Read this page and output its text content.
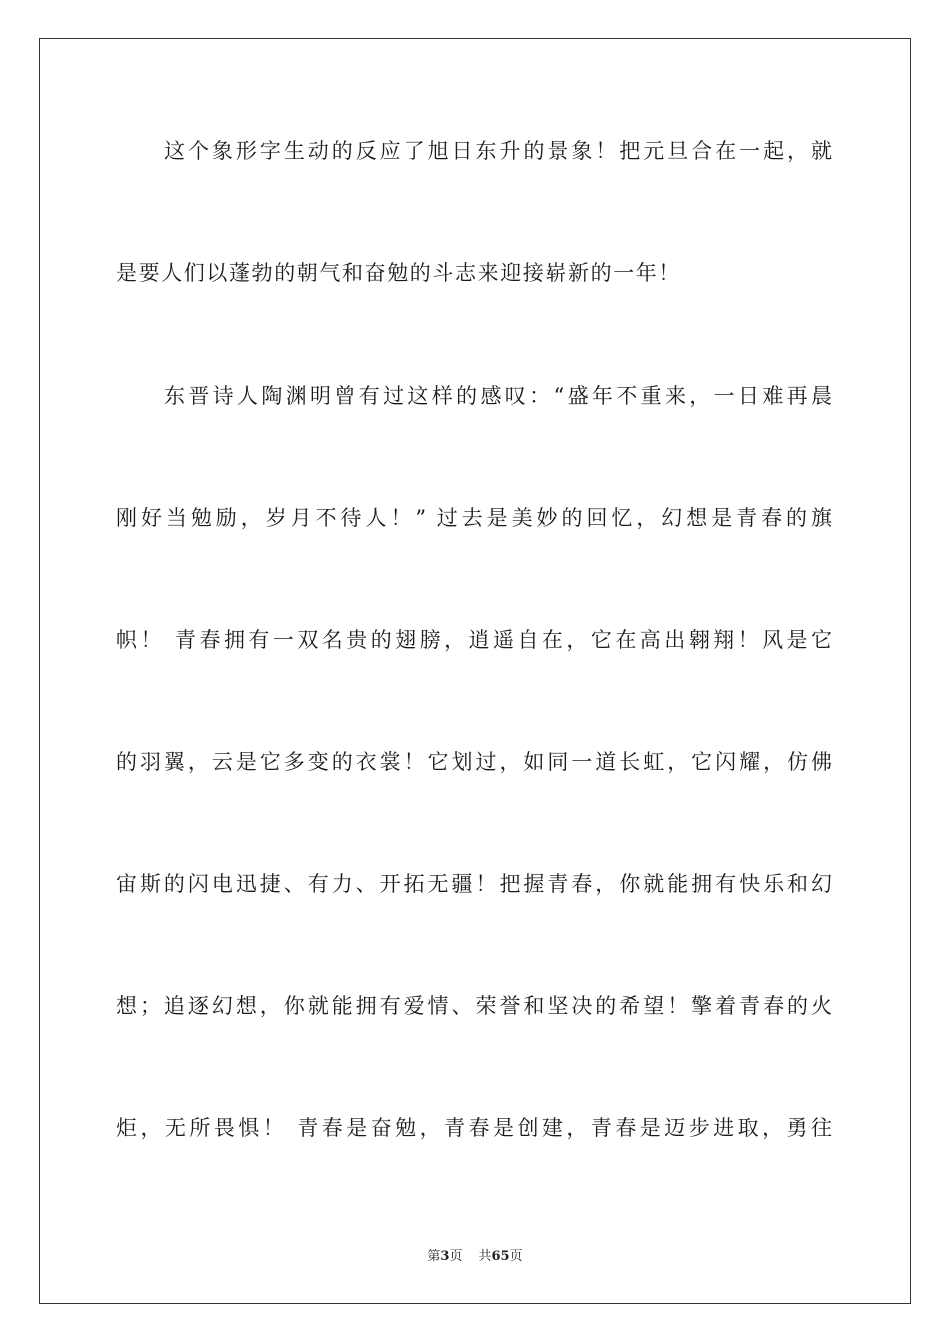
这个象形字生动的反应了旭日东升的景象！把元旦合在一起，就
是要人们以蓬勃的朝气和奋勉的斗志来迎接崭新的一年！
东晋诗人陶渊明曾有过这样的感叹：“盛年不重来，一日难再晨
刚好当勉励，岁月不待人！” 过去是美妙的回忆，幻想是青春的旗
帜！ 青春拥有一双名贵的翅膀，逍遥自在，它在高出翱翔！风是它
的羽翼，云是它多变的衣裳！它划过，如同一道长虹，它闪耀，仿佛
宙斯的闪电迅捷、有力、开拓无疆！把握青春，你就能拥有快乐和幻
想；追逐幻想，你就能拥有爱情、荣誉和坚决的希望！擎着青春的火
炬，无所畏惧！ 青春是奋勉，青春是创建，青春是迈步进取，勇往
第3页 共65页
